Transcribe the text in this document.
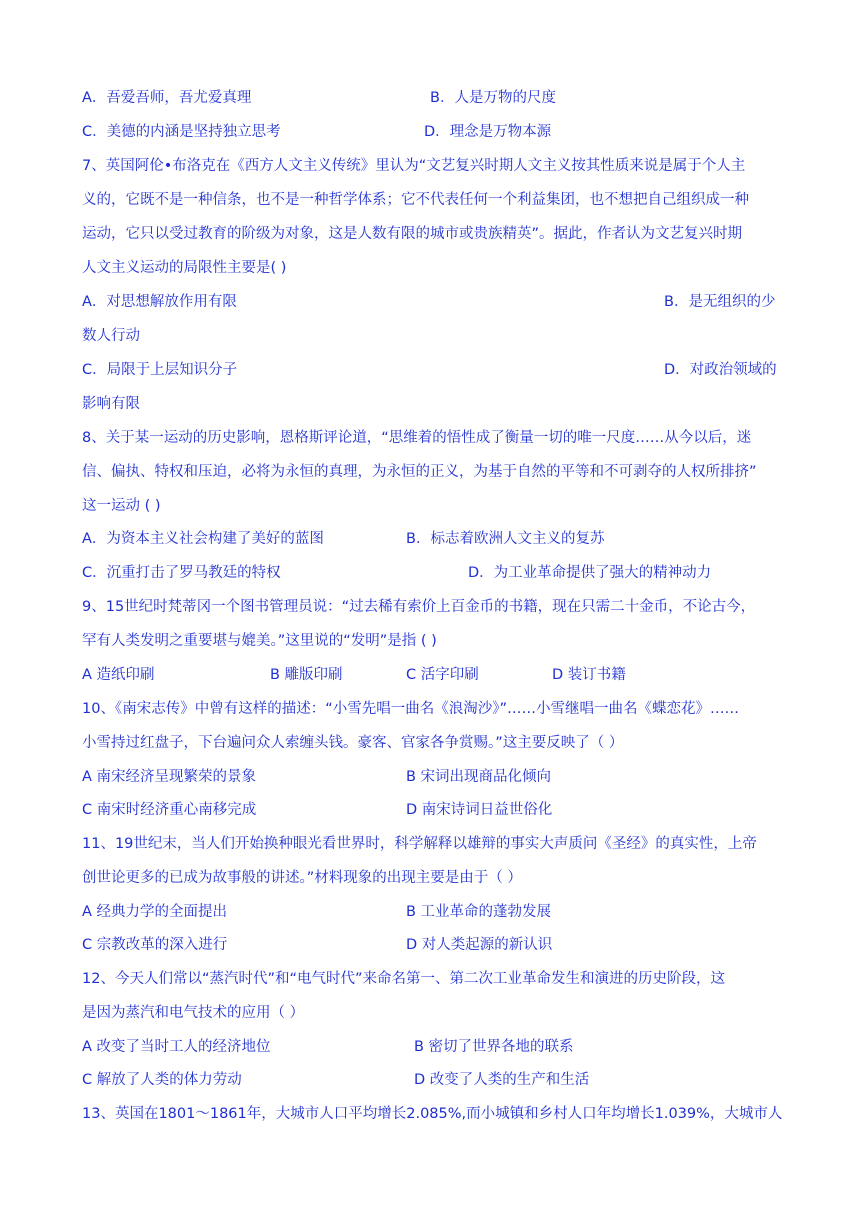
A．吾爱吾师，吾尤爱真理	B．人是万物的尺度
C．美德的内涵是坚持独立思考	D．理念是万物本源
7、英国阿伦•布洛克在《西方人文主义传统》里认为“文艺复兴时期人文主义按其性质来说是属于个人主
义的，它既不是一种信条，也不是一种哲学体系；它不代表任何一个利益集团，也不想把自己组织成一种
运动，它只以受过教育的阶级为对象，这是人数有限的城市或贵族精英”。据此，作者认为文艺复兴时期
人文主义运动的局限性主要是( )
A．对思想解放作用有限	B．是无组织的少
数人行动
C．局限于上层知识分子	D．对政治领域的
影响有限
8、关于某一运动的历史影响，恩格斯评论道，“思维着的悟性成了衡量一切的唯一尺度……从今以后，迷
信、偏执、特权和压迫，必将为永恒的真理，为永恒的正义，为基于自然的平等和不可剥夺的人权所排挤”
这一运动 ( )
A．为资本主义社会构建了美好的蓝图	B．标志着欧洲人文主义的复苏
C．沉重打击了罗马教廷的特权	D．为工业革命提供了强大的精神动力
9、15世纪时梵蒂冈一个图书管理员说：“过去稀有索价上百金币的书籍，现在只需二十金币，不论古今，
罕有人类发明之重要堪与媲美。”这里说的“发明”是指 ( )
A 造纸印刷	B 雕版印刷	C 活字印刷	D 装订书籍
10、《南宋志传》中曾有这样的描述：“小雪先唱一曲名《浪淘沙》”……小雪继唱一曲名《蝶恋花》……
小雪持过红盘子，下台遍问众人索缠头钱。豪客、官家各争赏赐。”这主要反映了（ ）
A 南宋经济呈现繁荣的景象	B 宋词出现商品化倾向
C 南宋时经济重心南移完成	D 南宋诗词日益世俗化
11、19世纪末，当人们开始换种眼光看世界时，科学解释以雄辩的事实大声质问《圣经》的真实性，上帝
创世论更多的已成为故事般的讲述。”材料现象的出现主要是由于（ ）
A 经典力学的全面提出	B 工业革命的蓬勃发展
C 宗教改革的深入进行	D 对人类起源的新认识
12、今天人们常以“蒸汽时代”和“电气时代”来命名第一、第二次工业革命发生和演进的历史阶段，这
是因为蒸汽和电气技术的应用（ ）
A 改变了当时工人的经济地位	B 密切了世界各地的联系
C 解放了人类的体力劳动	D 改变了人类的生产和生活
13、英国在1801～1861年，大城市人口平均增长2.085%,而小城镇和乡村人口年均增长1.039%，大城市人
